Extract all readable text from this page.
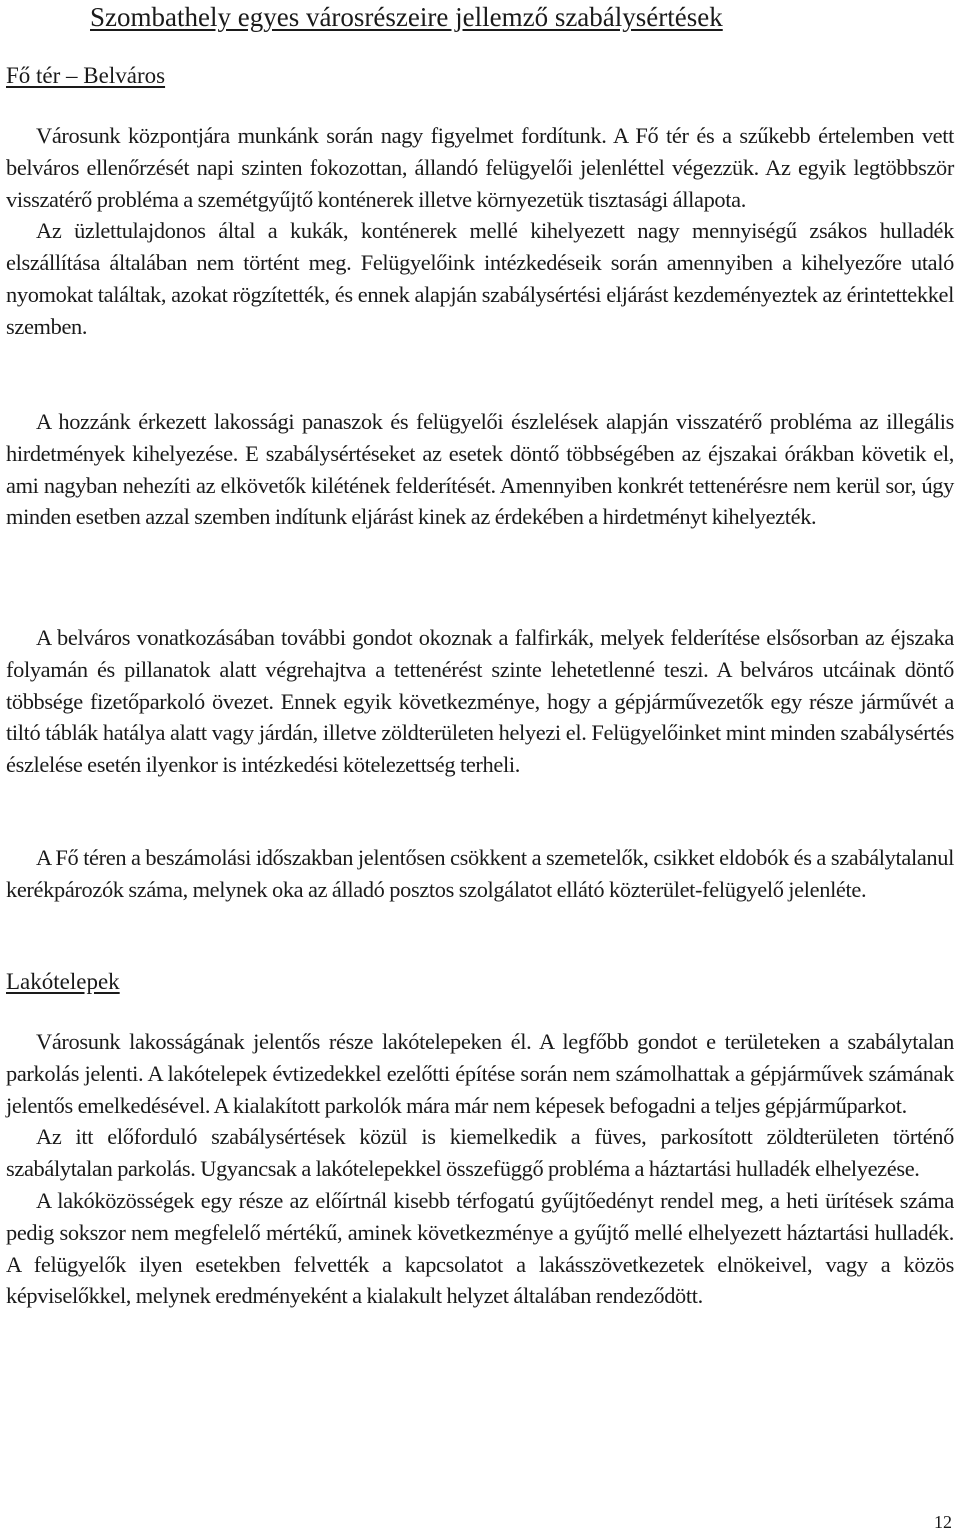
Szombathely egyes városrészeire jellemző szabálysértések
Fő tér – Belváros

Városunk központjára munkánk során nagy figyelmet fordítunk. A Fő tér és a szűkebb értelemben vett belváros ellenőrzését napi szinten fokozottan, állandó felügyelői jelenléttel végezzük. Az egyik legtöbbször visszatérő probléma a szemétgyűjtő konténerek illetve környezetük tisztasági állapota.

Az üzlettulajdonos által a kukák, konténerek mellé kihelyezett nagy mennyiségű zsákos hulladék elszállítása általában nem történt meg. Felügyelőink intézkedéseik során amennyiben a kihelyezőre utaló nyomokat találtak, azokat rögzítették, és ennek alapján szabálysértési eljárást kezdeményeztek az érintettekkel szemben.

A hozzánk érkezett lakossági panaszok és felügyelői észlelések alapján visszatérő probléma az illegális hirdetmények kihelyezése. E szabálysértéseket az esetek döntő többségében az éjszakai órákban követik el, ami nagyban nehezíti az elkövetők kilétének felderítését. Amennyiben konkrét tettenérésre nem kerül sor, úgy minden esetben azzal szemben indítunk eljárást kinek az érdekében a hirdetményt kihelyezték.

A belváros vonatkozásában további gondot okoznak a falfirkák, melyek felderítése elsősorban az éjszaka folyamán és pillanatok alatt végrehajtva a tettenérést szinte lehetetlenné teszi. A belváros utcáinak döntő többsége fizetőparkoló övezet. Ennek egyik következménye, hogy a gépjárművezetők egy része járművét a tiltó táblák hatálya alatt vagy járdán, illetve zöldterületen helyezi el. Felügyelőinket mint minden szabálysértés észlelése esetén ilyenkor is intézkedési kötelezettség terheli.

A Fő téren a beszámolási időszakban jelentősen csökkent a szemetelők, csikket eldobók és a szabálytalanul kerékpározók száma, melynek oka az álladó posztos szolgálatot ellátó közterület-felügyelő jelenléte.

Lakótelepek

Városunk lakosságának jelentős része lakótelepeken él. A legfőbb gondot e területeken a szabálytalan parkolás jelenti. A lakótelepek évtizedekkel ezelőtti építése során nem számolhattak a gépjárművek számának jelentős emelkedésével. A kialakított parkolók mára már nem képesek befogadni a teljes gépjárműparkot.

Az itt előforduló szabálysértések közül is kiemelkedik a füves, parkosított zöldterületen történő szabálytalan parkolás. Ugyancsak a lakótelepekkel összefüggő probléma a háztartási hulladék elhelyezése.

A lakóközösségek egy része az előírtnál kisebb térfogatú gyűjtőedényt rendel meg, a heti ürítések száma pedig sokszor nem megfelelő mértékű, aminek következménye a gyűjtő mellé elhelyezett háztartási hulladék. A felügyelők ilyen esetekben felvették a kapcsolatot a lakásszövetkezetek elnökeivel, vagy a közös képviselőkkel, melynek eredményeként a kialakult helyzet általában rendeződött.

12
